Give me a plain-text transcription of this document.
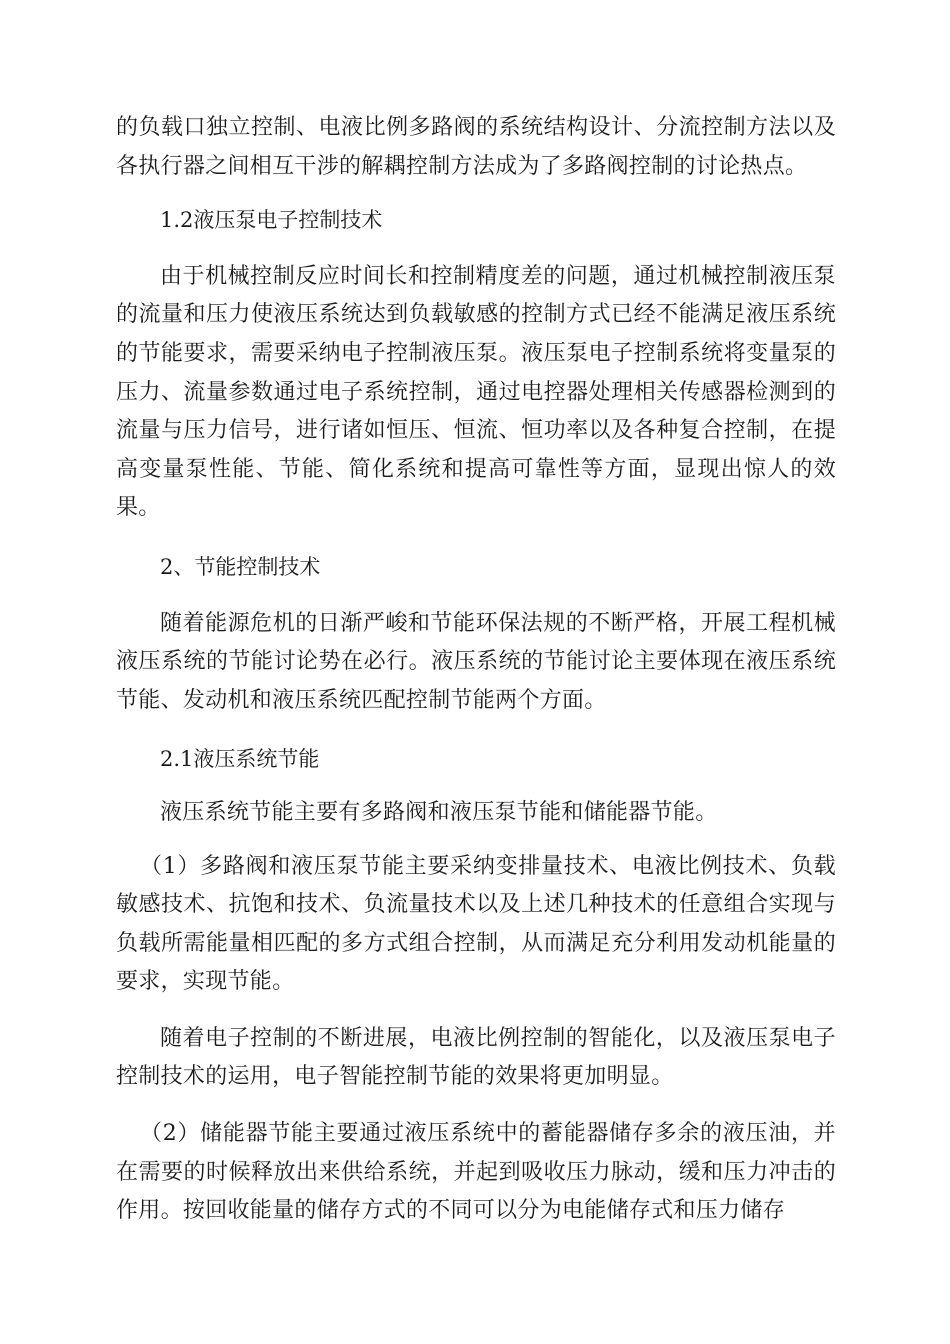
的负载口独立控制、电液比例多路阀的系统结构设计、分流控制方法以及各执行器之间相互干涉的解耦控制方法成为了多路阀控制的讨论热点。

1.2液压泵电子控制技术

由于机械控制反应时间长和控制精度差的问题，通过机械控制液压泵的流量和压力使液压系统达到负载敏感的控制方式已经不能满足液压系统的节能要求，需要采纳电子控制液压泵。液压泵电子控制系统将变量泵的压力、流量参数通过电子系统控制，通过电控器处理相关传感器检测到的流量与压力信号，进行诸如恒压、恒流、恒功率以及各种复合控制，在提高变量泵性能、节能、简化系统和提高可靠性等方面，显现出惊人的效果。

2、节能控制技术

随着能源危机的日渐严峻和节能环保法规的不断严格，开展工程机械液压系统的节能讨论势在必行。液压系统的节能讨论主要体现在液压系统节能、发动机和液压系统匹配控制节能两个方面。

2.1液压系统节能

液压系统节能主要有多路阀和液压泵节能和储能器节能。

（1）多路阀和液压泵节能主要采纳变排量技术、电液比例技术、负载敏感技术、抗饱和技术、负流量技术以及上述几种技术的任意组合实现与负载所需能量相匹配的多方式组合控制，从而满足充分利用发动机能量的要求，实现节能。

随着电子控制的不断进展，电液比例控制的智能化，以及液压泵电子控制技术的运用，电子智能控制节能的效果将更加明显。

（2）储能器节能主要通过液压系统中的蓄能器储存多余的液压油，并在需要的时候释放出来供给系统，并起到吸收压力脉动，缓和压力冲击的作用。按回收能量的储存方式的不同可以分为电能储存式和压力储存
